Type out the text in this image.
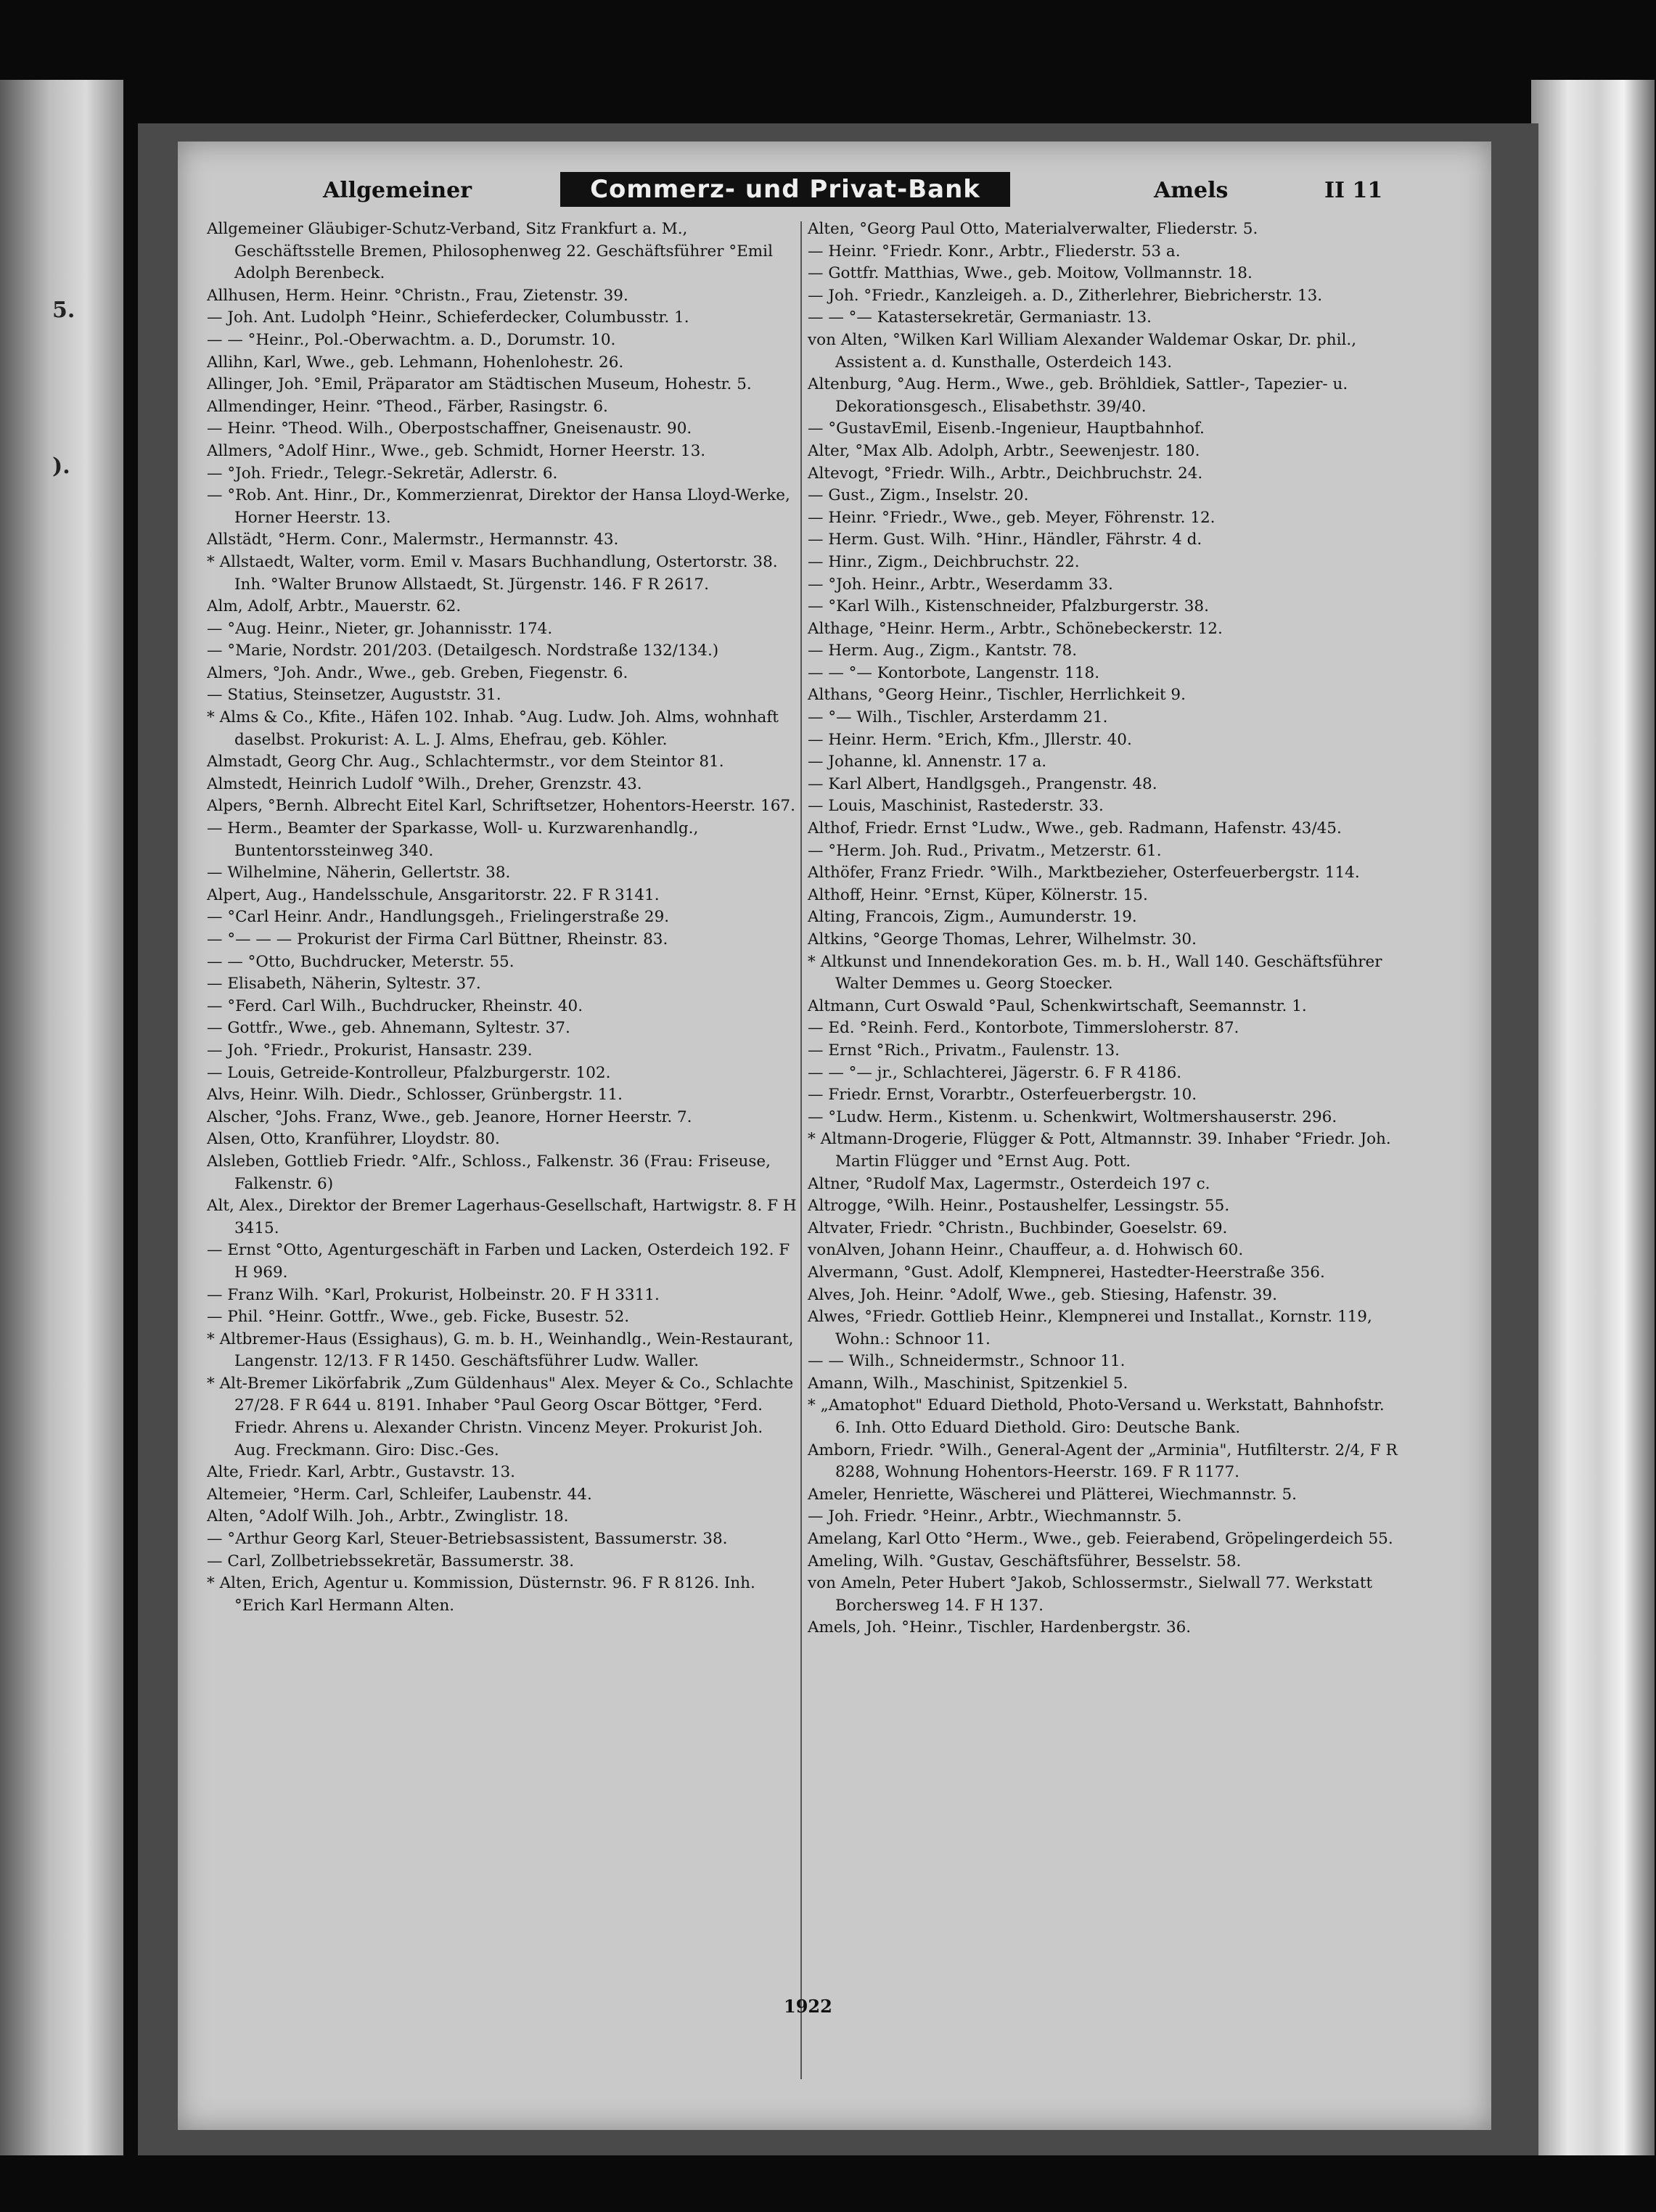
5.
).
Allgemeiner	Commerz- und Privat-Bank	Amels	II 11

Allgemeiner Gläubiger-Schutz-Verband, Sitz Frankfurt a. M., Geschäftsstelle Bremen, Philosophenweg 22. Geschäftsführer °Emil Adolph Berenbeck.

Allhusen, Herm. Heinr. °Christn., Frau, Zietenstr. 39.

— Joh. Ant. Ludolph °Heinr., Schieferdecker, Columbusstr. 1.

— — °Heinr., Pol.-Oberwachtm. a. D., Dorumstr. 10.

Allihn, Karl, Wwe., geb. Lehmann, Hohenlohestr. 26.

Allinger, Joh. °Emil, Präparator am Städtischen Museum, Hohestr. 5.

Allmendinger, Heinr. °Theod., Färber, Rasingstr. 6.

— Heinr. °Theod. Wilh., Oberpostschaffner, Gneisenaustr. 90.

Allmers, °Adolf Hinr., Wwe., geb. Schmidt, Horner Heerstr. 13.

— °Joh. Friedr., Telegr.-Sekretär, Adlerstr. 6.

— °Rob. Ant. Hinr., Dr., Kommerzienrat, Direktor der Hansa Lloyd-Werke, Horner Heerstr. 13.

Allstädt, °Herm. Conr., Malermstr., Hermannstr. 43.

* Allstaedt, Walter, vorm. Emil v. Masars Buchhandlung, Ostertorstr. 38. Inh. °Walter Brunow Allstaedt, St. Jürgenstr. 146. F R 2617.

Alm, Adolf, Arbtr., Mauerstr. 62.

— °Aug. Heinr., Nieter, gr. Johannisstr. 174.

— °Marie, Nordstr. 201/203. (Detailgesch. Nordstraße 132/134.)

Almers, °Joh. Andr., Wwe., geb. Greben, Fiegenstr. 6.

— Statius, Steinsetzer, Auguststr. 31.

* Alms & Co., Kfite., Häfen 102. Inhab. °Aug. Ludw. Joh. Alms, wohnhaft daselbst. Prokurist: A. L. J. Alms, Ehefrau, geb. Köhler.

Almstadt, Georg Chr. Aug., Schlachtermstr., vor dem Steintor 81.

Almstedt, Heinrich Ludolf °Wilh., Dreher, Grenzstr. 43.

Alpers, °Bernh. Albrecht Eitel Karl, Schriftsetzer, Hohentors-Heerstr. 167.

— Herm., Beamter der Sparkasse, Woll- u. Kurzwarenhandlg., Buntentorssteinweg 340.

— Wilhelmine, Näherin, Gellertstr. 38.

Alpert, Aug., Handelsschule, Ansgaritorstr. 22. F R 3141.

— °Carl Heinr. Andr., Handlungsgeh., Frielingerstraße 29.

— °— — — Prokurist der Firma Carl Büttner, Rheinstr. 83.

— — °Otto, Buchdrucker, Meterstr. 55.

— Elisabeth, Näherin, Syltestr. 37.

— °Ferd. Carl Wilh., Buchdrucker, Rheinstr. 40.

— Gottfr., Wwe., geb. Ahnemann, Syltestr. 37.

— Joh. °Friedr., Prokurist, Hansastr. 239.

— Louis, Getreide-Kontrolleur, Pfalzburgerstr. 102.

Alvs, Heinr. Wilh. Diedr., Schlosser, Grünbergstr. 11.

Alscher, °Johs. Franz, Wwe., geb. Jeanore, Horner Heerstr. 7.

Alsen, Otto, Kranführer, Lloydstr. 80.

Alsleben, Gottlieb Friedr. °Alfr., Schloss., Falkenstr. 36 (Frau: Friseuse, Falkenstr. 6)

Alt, Alex., Direktor der Bremer Lagerhaus-Gesellschaft, Hartwigstr. 8. F H 3415.

— Ernst °Otto, Agenturgeschäft in Farben und Lacken, Osterdeich 192. F H 969.

— Franz Wilh. °Karl, Prokurist, Holbeinstr. 20. F H 3311.

— Phil. °Heinr. Gottfr., Wwe., geb. Ficke, Busestr. 52.

* Altbremer-Haus (Essighaus), G. m. b. H., Weinhandlg., Wein-Restaurant, Langenstr. 12/13. F R 1450. Geschäftsführer Ludw. Waller.

* Alt-Bremer Likörfabrik „Zum Güldenhaus" Alex. Meyer & Co., Schlachte 27/28. F R 644 u. 8191. Inhaber °Paul Georg Oscar Böttger, °Ferd. Friedr. Ahrens u. Alexander Christn. Vincenz Meyer. Prokurist Joh. Aug. Freckmann. Giro: Disc.-Ges.

Alte, Friedr. Karl, Arbtr., Gustavstr. 13.

Altemeier, °Herm. Carl, Schleifer, Laubenstr. 44.

Alten, °Adolf Wilh. Joh., Arbtr., Zwinglistr. 18.

— °Arthur Georg Karl, Steuer-Betriebsassistent, Bassumerstr. 38.

— Carl, Zollbetriebssekretär, Bassumerstr. 38.

* Alten, Erich, Agentur u. Kommission, Düsternstr. 96. F R 8126. Inh. °Erich Karl Hermann Alten.

Alten, °Georg Paul Otto, Materialverwalter, Fliederstr. 5.

— Heinr. °Friedr. Konr., Arbtr., Fliederstr. 53 a.

— Gottfr. Matthias, Wwe., geb. Moitow, Vollmannstr. 18.

— Joh. °Friedr., Kanzleigeh. a. D., Zitherlehrer, Biebricherstr. 13.

— — °— Katastersekretär, Germaniastr. 13.

von Alten, °Wilken Karl William Alexander Waldemar Oskar, Dr. phil., Assistent a. d. Kunsthalle, Osterdeich 143.

Altenburg, °Aug. Herm., Wwe., geb. Bröhldiek, Sattler-, Tapezier- u. Dekorationsgesch., Elisabethstr. 39/40.

— °GustavEmil, Eisenb.-Ingenieur, Hauptbahnhof.

Alter, °Max Alb. Adolph, Arbtr., Seewenjestr. 180.

Altevogt, °Friedr. Wilh., Arbtr., Deichbruchstr. 24.

— Gust., Zigm., Inselstr. 20.

— Heinr. °Friedr., Wwe., geb. Meyer, Föhrenstr. 12.

— Herm. Gust. Wilh. °Hinr., Händler, Fährstr. 4 d.

— Hinr., Zigm., Deichbruchstr. 22.

— °Joh. Heinr., Arbtr., Weserdamm 33.

— °Karl Wilh., Kistenschneider, Pfalzburgerstr. 38.

Althage, °Heinr. Herm., Arbtr., Schönebeckerstr. 12.

— Herm. Aug., Zigm., Kantstr. 78.

— — °— Kontorbote, Langenstr. 118.

Althans, °Georg Heinr., Tischler, Herrlichkeit 9.

— °— Wilh., Tischler, Arsterdamm 21.

— Heinr. Herm. °Erich, Kfm., Jllerstr. 40.

— Johanne, kl. Annenstr. 17 a.

— Karl Albert, Handlgsgeh., Prangenstr. 48.

— Louis, Maschinist, Rastederstr. 33.

Althof, Friedr. Ernst °Ludw., Wwe., geb. Radmann, Hafenstr. 43/45.

— °Herm. Joh. Rud., Privatm., Metzerstr. 61.

Althöfer, Franz Friedr. °Wilh., Marktbezieher, Osterfeuerbergstr. 114.

Althoff, Heinr. °Ernst, Küper, Kölnerstr. 15.

Alting, Francois, Zigm., Aumunderstr. 19.

Altkins, °George Thomas, Lehrer, Wilhelmstr. 30.

* Altkunst und Innendekoration Ges. m. b. H., Wall 140. Geschäftsführer Walter Demmes u. Georg Stoecker.

Altmann, Curt Oswald °Paul, Schenkwirtschaft, Seemannstr. 1.

— Ed. °Reinh. Ferd., Kontorbote, Timmersloherstr. 87.

— Ernst °Rich., Privatm., Faulenstr. 13.

— — °— jr., Schlachterei, Jägerstr. 6. F R 4186.

— Friedr. Ernst, Vorarbtr., Osterfeuerbergstr. 10.

— °Ludw. Herm., Kistenm. u. Schenkwirt, Woltmershauserstr. 296.

* Altmann-Drogerie, Flügger & Pott, Altmannstr. 39. Inhaber °Friedr. Joh. Martin Flügger und °Ernst Aug. Pott.

Altner, °Rudolf Max, Lagermstr., Osterdeich 197 c.

Altrogge, °Wilh. Heinr., Postaushelfer, Lessingstr. 55.

Altvater, Friedr. °Christn., Buchbinder, Goeselstr. 69.

vonAlven, Johann Heinr., Chauffeur, a. d. Hohwisch 60.

Alvermann, °Gust. Adolf, Klempnerei, Hastedter-Heerstraße 356.

Alves, Joh. Heinr. °Adolf, Wwe., geb. Stiesing, Hafenstr. 39.

Alwes, °Friedr. Gottlieb Heinr., Klempnerei und Installat., Kornstr. 119, Wohn.: Schnoor 11.

— — Wilh., Schneidermstr., Schnoor 11.

Amann, Wilh., Maschinist, Spitzenkiel 5.

* „Amatophot" Eduard Diethold, Photo-Versand u. Werkstatt, Bahnhofstr. 6. Inh. Otto Eduard Diethold. Giro: Deutsche Bank.

Amborn, Friedr. °Wilh., General-Agent der „Arminia", Hutfilterstr. 2/4, F R 8288, Wohnung Hohentors-Heerstr. 169. F R 1177.

Ameler, Henriette, Wäscherei und Plätterei, Wiechmannstr. 5.

— Joh. Friedr. °Heinr., Arbtr., Wiechmannstr. 5.

Amelang, Karl Otto °Herm., Wwe., geb. Feierabend, Gröpelingerdeich 55.

Ameling, Wilh. °Gustav, Geschäftsführer, Besselstr. 58.

von Ameln, Peter Hubert °Jakob, Schlossermstr., Sielwall 77. Werkstatt Borchersweg 14. F H 137.

Amels, Joh. °Heinr., Tischler, Hardenbergstr. 36.

1922
